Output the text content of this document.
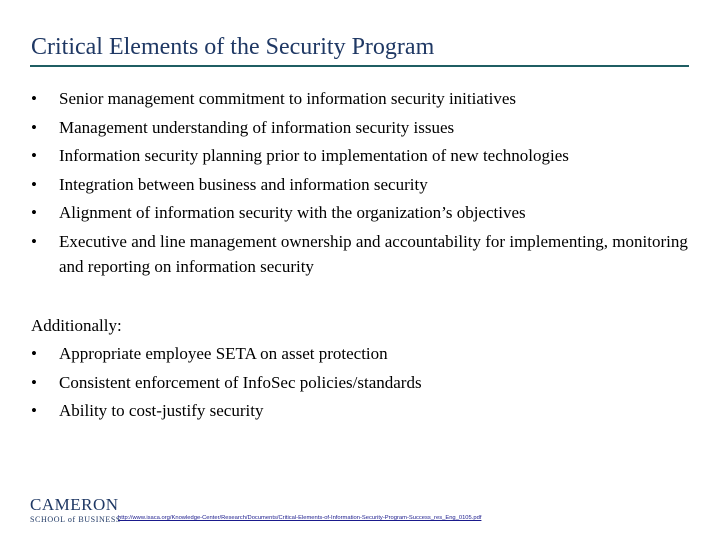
Critical Elements of the Security Program
• Senior management commitment to information security initiatives
• Management understanding of information security issues
• Information security planning prior to implementation of new technologies
• Integration between business and information security
• Alignment of information security with the organization’s objectives
• Executive and line management ownership and accountability for implementing, monitoring and reporting on information security
Additionally:
• Appropriate employee SETA on asset protection
• Consistent enforcement of InfoSec policies/standards
• Ability to cost-justify security
CAMERON
SCHOOL of BUSINESS
http://www.isaca.org/Knowledge-Center/Research/Documents/Critical-Elements-of-Information-Security-Program-Success_res_Eng_0105.pdf
